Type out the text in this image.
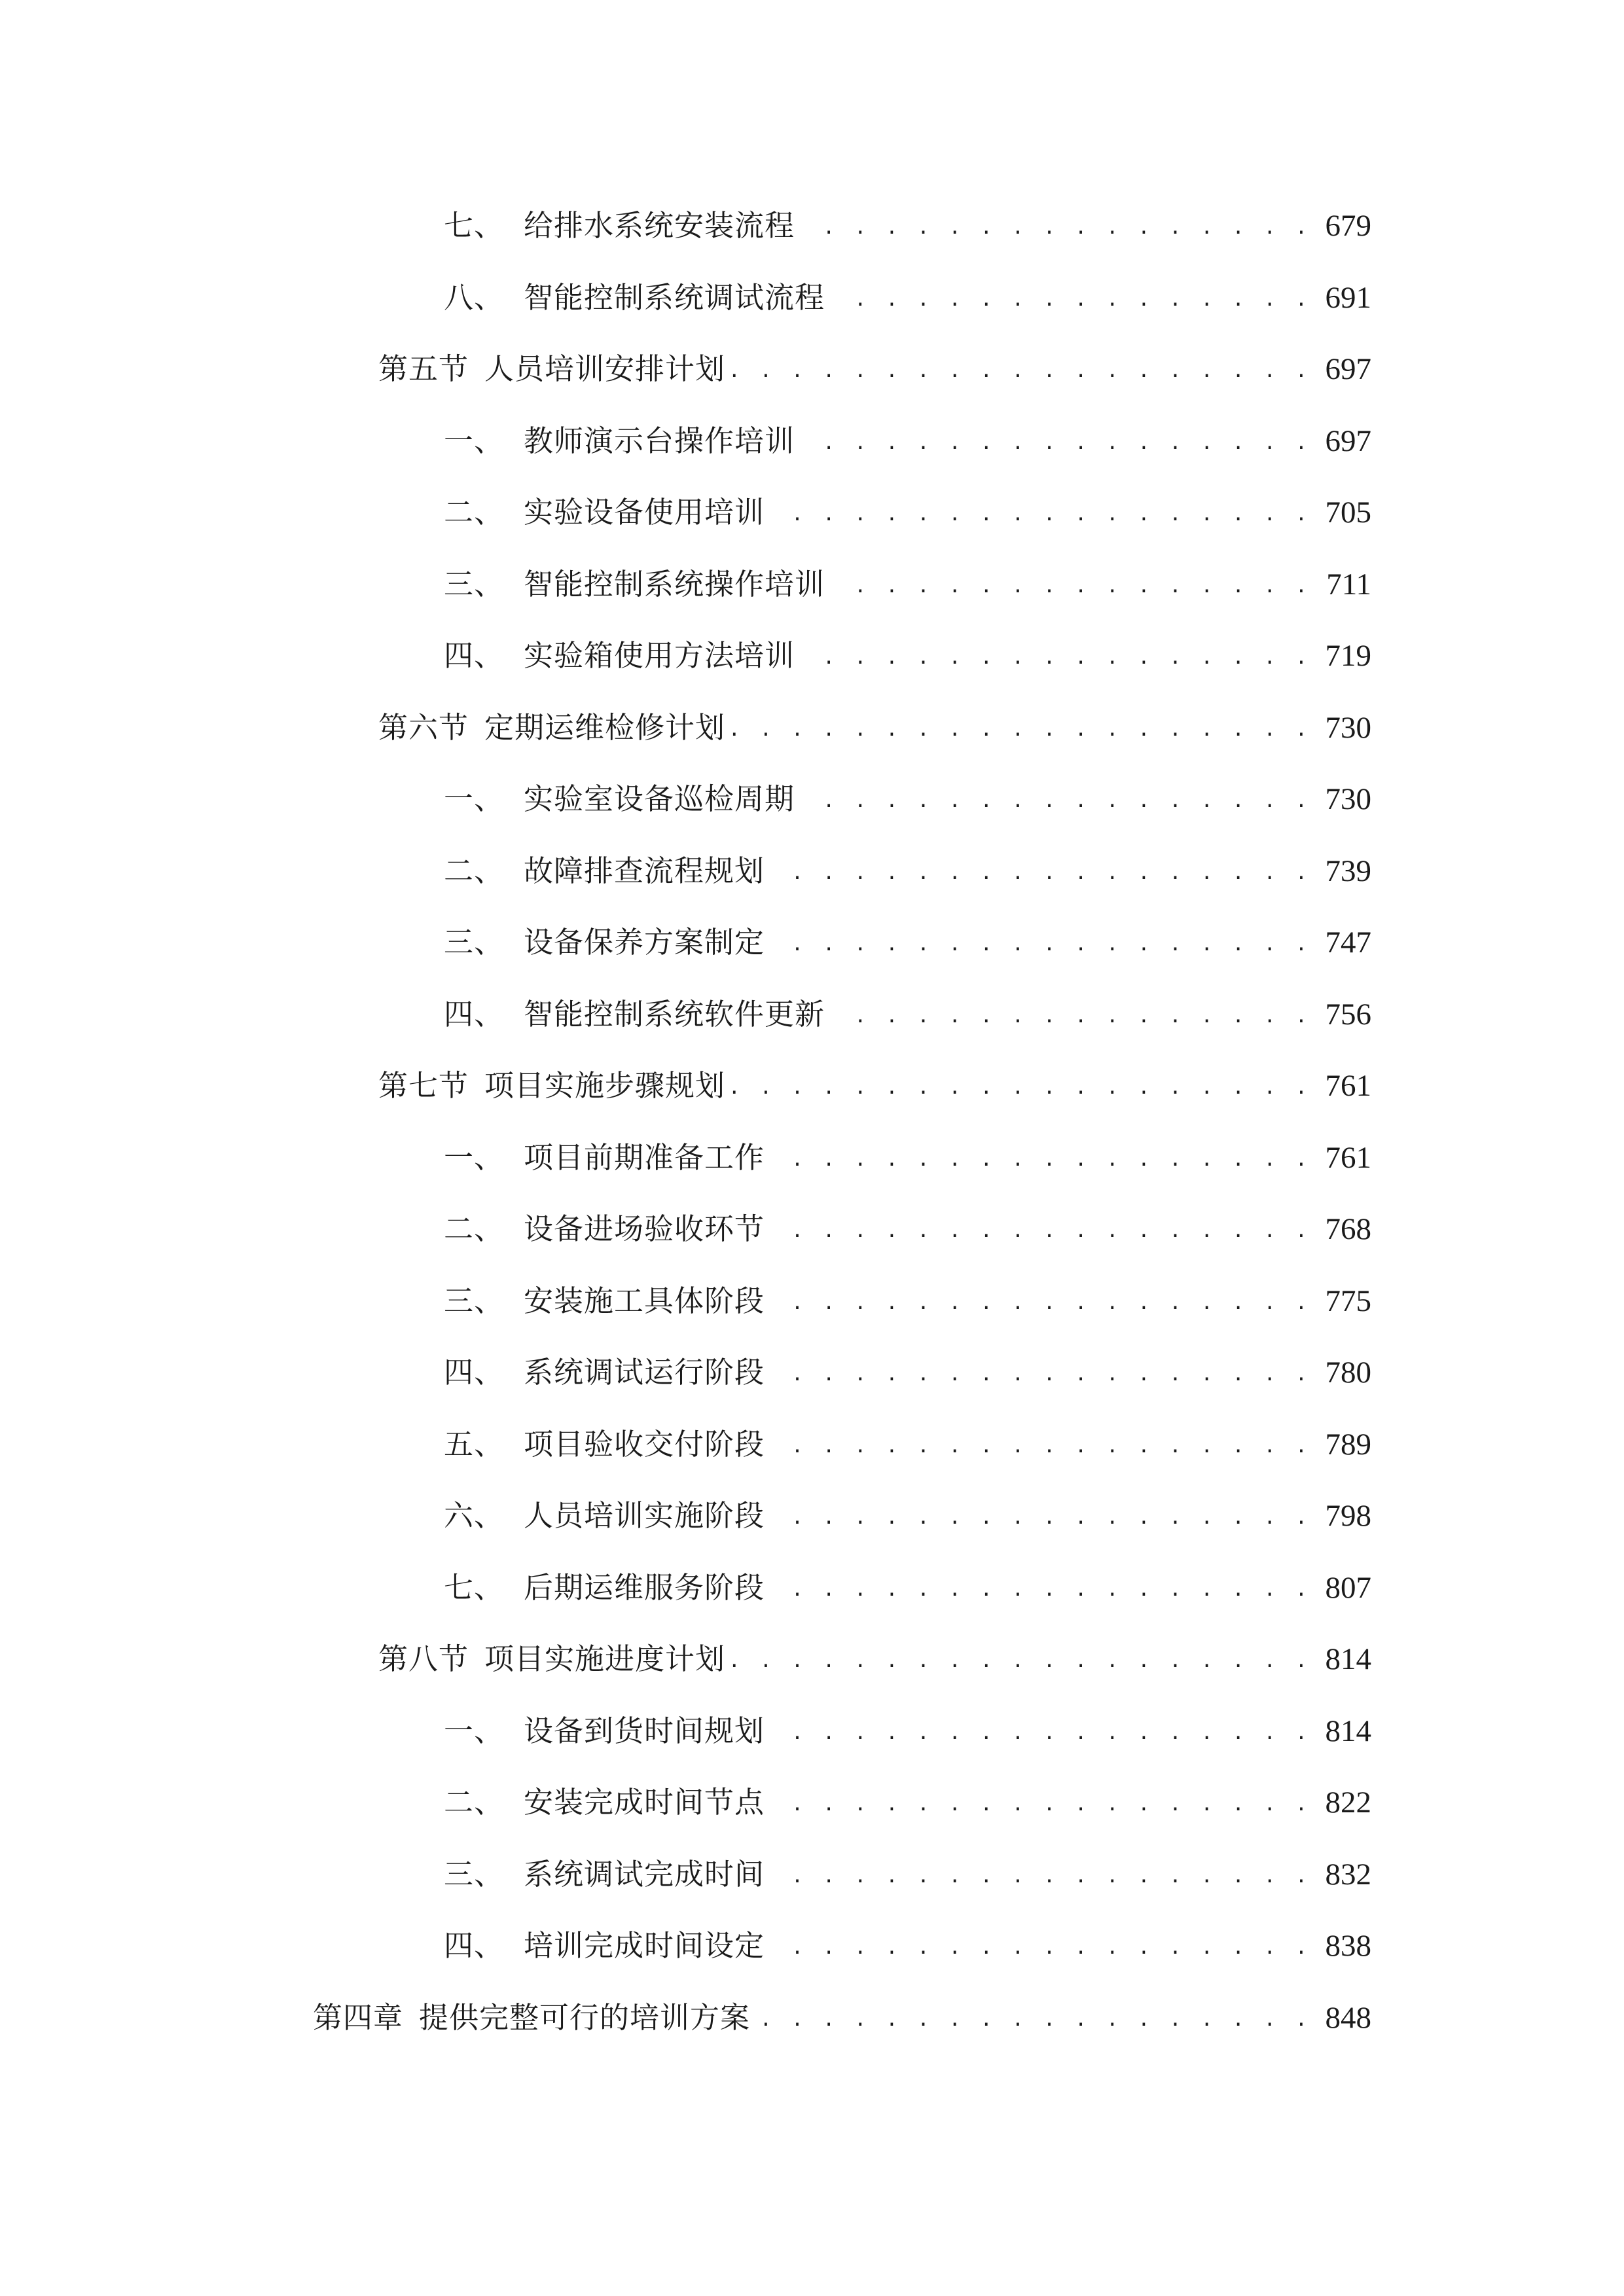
七、 给排水系统安装流程 . . .	679
八、 智能控制系统调试流程 . . .	691
第五节 人员培训安排计划 . . .	697
一、 教师演示台操作培训 . . .	697
二、 实验设备使用培训 . . .	705
三、 智能控制系统操作培训 . . .	711
四、 实验箱使用方法培训 . . .	719
第六节 定期运维检修计划 . . .	730
一、 实验室设备巡检周期 . . .	730
二、 故障排查流程规划 . . .	739
三、 设备保养方案制定 . . .	747
四、 智能控制系统软件更新 . . .	756
第七节 项目实施步骤规划 . . .	761
一、 项目前期准备工作 . . .	761
二、 设备进场验收环节 . . .	768
三、 安装施工具体阶段 . . .	775
四、 系统调试运行阶段 . . .	780
五、 项目验收交付阶段 . . .	789
六、 人员培训实施阶段 . . .	798
七、 后期运维服务阶段 . . .	807
第八节 项目实施进度计划 . . .	814
一、 设备到货时间规划 . . .	814
二、 安装完成时间节点 . . .	822
三、 系统调试完成时间 . . .	832
四、 培训完成时间设定 . . .	838
第四章 提供完整可行的培训方案 . . .	848
